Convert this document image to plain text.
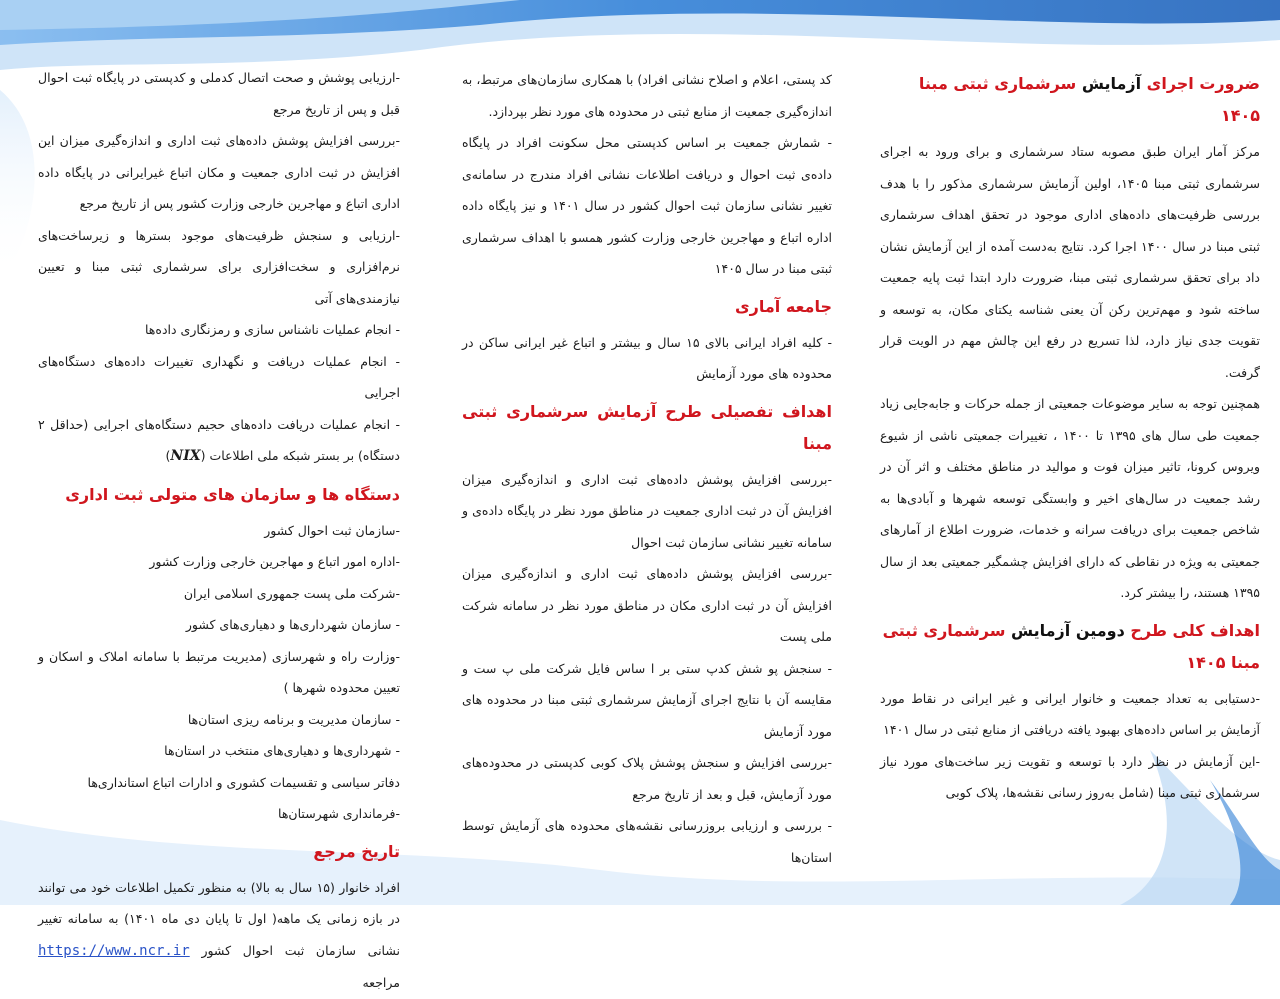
ضرورت اجرای آزمایش سرشماری ثبتی مبنا
۱۴۰۵

مرکز آمار ایران طبق مصوبه ستاد سرشماری و برای ورود به اجرای سرشماری ثبتی مبنا ۱۴۰۵، اولین آزمایش سرشماری مذکور را با هدف بررسی ظرفیت‌های داده‌های اداری موجود در تحقق اهداف سرشماری ثبتی مبنا در سال ۱۴۰۰ اجرا کرد. نتایج به‌دست آمده از این آزمایش نشان داد برای تحقق سرشماری ثبتی مبنا، ضرورت دارد ابتدا ثبت پایه جمعیت ساخته شود و مهم‌ترین رکن آن یعنی شناسه یکتای مکان، به توسعه و تقویت جدی نیاز دارد، لذا تسریع در رفع این چالش مهم در الویت قرار گرفت.

همچنین توجه به سایر موضوعات جمعیتی از جمله حرکات و جابه‌جایی زیاد جمعیت طی سال های ۱۳۹۵ تا ۱۴۰۰ ، تغییرات جمعیتی ناشی از شیوع ویروس کرونا، تاثیر میزان فوت و موالید در مناطق مختلف و اثر آن در رشد جمعیت در سال‌های اخیر و وابستگی توسعه شهرها و آبادی‌ها به شاخص جمعیت برای دریافت سرانه و خدمات، ضرورت اطلاع از آمارهای جمعیتی به ویژه در نقاطی که دارای افزایش چشمگیر جمعیتی بعد از سال ۱۳۹۵ هستند، را بیشتر کرد.

اهداف کلی طرح دومین آزمایش سرشماری ثبتی
مبنا ۱۴۰۵

-دستیابی به تعداد جمعیت و خانوار ایرانی و غیر ایرانی در نقاط مورد آزمایش بر اساس داده‌های بهبود یافته دریافتی از منابع ثبتی در سال ۱۴۰۱

-این آزمایش در نظر دارد با توسعه و تقویت زیر ساخت‌های مورد نیاز سرشماری ثبتی مبنا (شامل به‌روز رسانی نقشه‌ها، پلاک کوبی

کد پستی، اعلام و اصلاح نشانی افراد) با همکاری سازمان‌های مرتبط، به اندازه‌گیری جمعیت از منابع ثبتی در محدوده های مورد نظر بپردازد.

- شمارش جمعیت بر اساس کدپستی محل سکونت افراد در پایگاه داده‌ی ثبت احوال و دریافت اطلاعات نشانی افراد مندرج در سامانه‌ی تغییر نشانی سازمان ثبت احوال کشور در سال ۱۴۰۱ و نیز پایگاه داده اداره اتباع و مهاجرین خارجی وزارت کشور همسو با اهداف سرشماری ثبتی مبنا در سال ۱۴۰۵

جامعه آماری

- کلیه افراد ایرانی بالای ۱۵ سال و بیشتر و اتباع غیر ایرانی ساکن در محدوده های مورد آزمایش

اهداف تفصیلی طرح آزمایش سرشماری ثبتی مبنا

-بررسی افزایش پوشش داده‌های ثبت اداری و اندازه‌گیری میزان افزایش آن در ثبت اداری جمعیت در مناطق مورد نظر در پایگاه داده‌ی و سامانه تغییر نشانی سازمان ثبت احوال

-بررسی افزایش پوشش داده‌های ثبت اداری و اندازه‌گیری میزان افزایش آن در ثبت اداری مکان در مناطق مورد نظر در سامانه شرکت ملی پست

- سنجش پو شش کدپ ستی بر ا ساس فایل شرکت ملی پ ست و مقایسه آن با نتایج اجرای آزمایش سرشماری ثبتی مبنا در محدوده های مورد آزمایش

-بررسی افزایش و سنجش پوشش پلاک کوبی کدپستی در محدوده‌های مورد آزمایش، قبل و بعد از تاریخ مرجع

- بررسی و ارزیابی بروزرسانی نقشه‌های محدوده های آزمایش توسط استان‌ها

-ارزیابی پوشش و صحت اتصال کدملی و کدپستی در پایگاه ثبت احوال قبل و پس از تاریخ مرجع

-بررسی افزایش پوشش داده‌های ثبت اداری و اندازه‌گیری میزان این افزایش در ثبت اداری جمعیت و مکان اتباع غیرایرانی در پایگاه داده اداری اتباع و مهاجرین خارجی وزارت کشور پس از تاریخ مرجع

-ارزیابی و سنجش ظرفیت‌های موجود بسترها و زیرساخت‌های نرم‌افزاری و سخت‌افزاری برای سرشماری ثبتی مبنا و تعیین نیازمندی‌های آتی

- انجام عملیات ناشناس سازی و رمزنگاری داده‌ها

- انجام عملیات دریافت و نگهداری تغییرات داده‌های دستگاه‌های اجرایی

- انجام عملیات دریافت داده‌های حجیم دستگاه‌های اجرایی (حداقل ۲ دستگاه) بر بستر شبکه ملی اطلاعات (NIX)

دستگاه ها و سازمان های متولی ثبت اداری

-سازمان ثبت احوال کشور

-اداره امور اتباع و مهاجرین خارجی وزارت کشور

-شرکت ملی پست جمهوری اسلامی ایران

- سازمان شهرداری‌ها و دهیاری‌های کشور

-وزارت راه و شهرسازی (مدیریت مرتبط با سامانه املاک و اسکان و تعیین محدوده شهرها )

- سازمان مدیریت و برنامه ریزی استان‌ها

- شهرداری‌ها و دهیاری‌های منتخب در استان‌ها

دفاتر سیاسی و تقسیمات کشوری و ادارات اتباع استانداری‌ها

-فرمانداری شهرستان‌ها

تاریخ مرجع

افراد خانوار (۱۵ سال به بالا) به منظور تکمیل اطلاعات خود می توانند در بازه زمانی یک ماهه( اول تا پایان دی ماه ۱۴۰۱) به سامانه تغییر نشانی سازمان ثبت احوال کشور https://www.ncr.ir مراجعه
